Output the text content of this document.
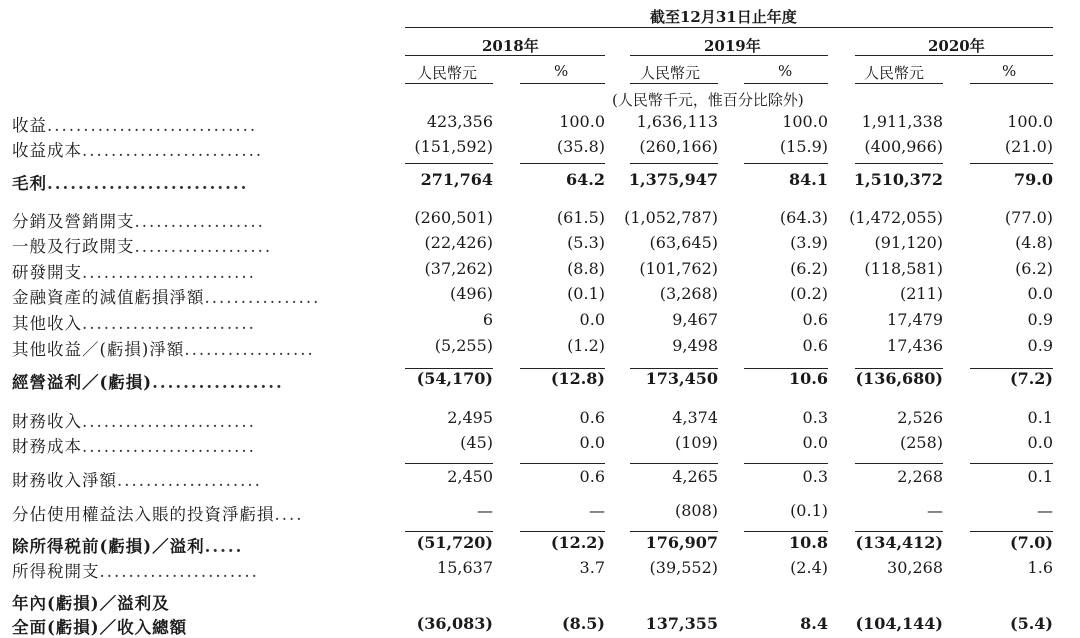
截至12月31日止年度
2018年	2019年	2020年
人民幣元	%	人民幣元	%	人民幣元	%
(人民幣千元，惟百分比除外)
收益.............................	423,356	100.0 1,636,113	100.0 1,911,338	100.0
收益成本.........................	(151,592)	(35.8) (260,166)	(15.9) (400,966)	(21.0)
毛利..........................	271,764	64.2 1,375,947	84.1 1,510,372	79.0
分銷及營銷開支..................	(260,501)	(61.5) (1,052,787)	(64.3) (1,472,055)	(77.0)
一般及行政開支...................	(22,426)	(5.3)	(63,645)	(3.9)	(91,120)	(4.8)
研發開支........................	(37,262)	(8.8) (101,762)	(6.2) (118,581)	(6.2)
金融資產的減值虧損淨額................	(496)	(0.1)	(3,268)	(0.2)	(211)	0.0
其他收入........................	6	0.0	9,467	0.6	17,479	0.9
其他收益／(虧損)淨額..................	(5,255)	(1.2)	9,498	0.6	17,436	0.9
經營溢利／(虧損).................	(54,170)	(12.8)	173,450	10.6 (136,680)	(7.2)
財務收入........................	2,495	0.6	4,374	0.3	2,526	0.1
財務成本........................	(45)	0.0	(109)	0.0	(258)	0.0
財務收入淨額....................	2,450	0.6	4,265	0.3	2,268	0.1
分佔使用權益法入賬的投資淨虧損....	—	—	(808)	(0.1)	—	—
除所得税前(虧損)／溢利.....	(51,720)	(12.2)	176,907	10.8 (134,412)	(7.0)
所得稅開支......................	15,637	3.7	(39,552)	(2.4)	30,268	1.6
年內(虧損)／溢利及
全面(虧損)／收入總額	(36,083)	(8.5)	137,355	8.4 (104,144)	(5.4)
